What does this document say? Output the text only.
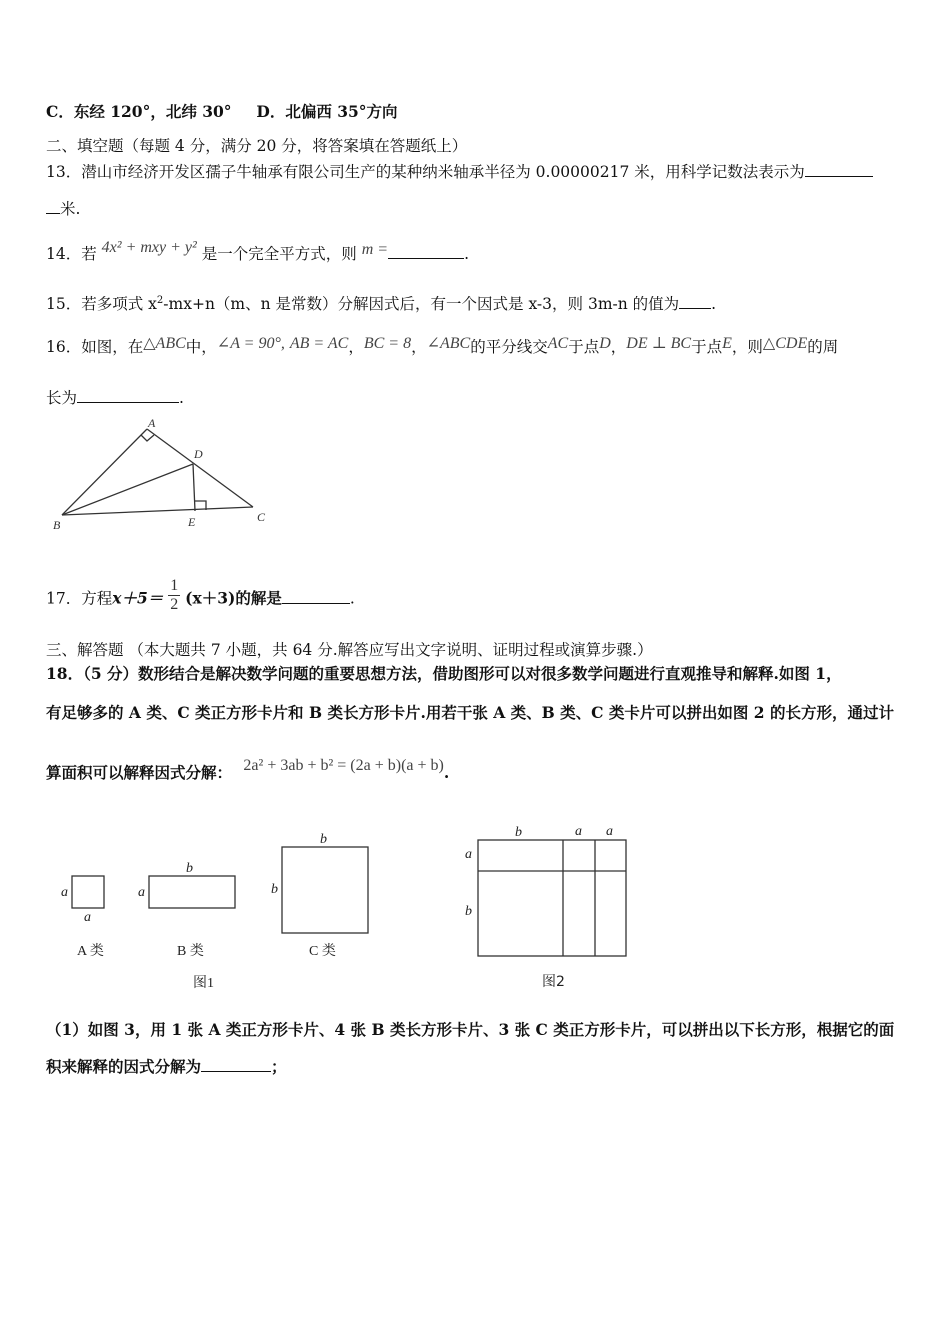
C．东经 120°，北纬 30° D．北偏西 35°方向
二、填空题（每题 4 分，满分 20 分，将答案填在答题纸上）
13．潜山市经济开发区孺子牛轴承有限公司生产的某种纳米轴承半径为 0.00000217 米，用科学记数法表示为
米.
14．若 4x² + mxy + y² 是一个完全平方式，则 m =	.
15．若多项式 $x^2-mx+n(m$、n 是常数）分解因式后，有一个因式是 x-3，则 3m-n 的值为 .
16．如图，在△ABC中，∠A = 90°, AB = AC，BC = 8，∠ABC的平分线交AC于点D，DE ⊥ BC于点E，则△CDE的周
长为	.
A
B
C
D
E
17．方程$x+5= \frac{1}{2} (x+3)$的解是	.
三、解答题 （本大题共 7 小题，共 64 分.解答应写出文字说明、证明过程或演算步骤.）
18．（5 分）数形结合是解决数学问题的重要思想方法，借助图形可以对很多数学问题进行直观推导和解释.如图 1，
有足够多的 A 类、C 类正方形卡片和 B 类长方形卡片.用若干张 A 类、B 类、C 类卡片可以拼出如图 2 的长方形，通过计
算面积可以解释因式分解： 2a² + 3ab + b² = (2a + b)(a + b).
a
a
b
a
b
b
A 类	B 类	C 类
图1
b	a a
a
b
图2
（1）如图 3，用 1 张 A 类正方形卡片、4 张 B 类长方形卡片、3 张 C 类正方形卡片，可以拼出以下长方形，根据它的面
积来解释的因式分解为	；
